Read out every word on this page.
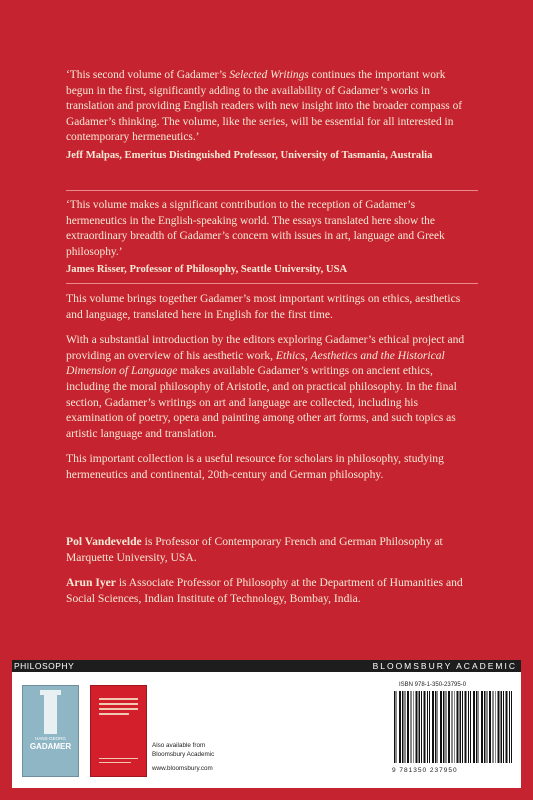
‘This second volume of Gadamer’s Selected Writings continues the important work begun in the first, significantly adding to the availability of Gadamer’s works in translation and providing English readers with new insight into the broader compass of Gadamer’s thinking. The volume, like the series, will be essential for all interested in contemporary hermeneutics.’

Jeff Malpas, Emeritus Distinguished Professor, University of Tasmania, Australia

‘This volume makes a significant contribution to the reception of Gadamer’s hermeneutics in the English-speaking world. The essays translated here show the extraordinary breadth of Gadamer’s concern with issues in art, language and Greek philosophy.’

James Risser, Professor of Philosophy, Seattle University, USA

This volume brings together Gadamer’s most important writings on ethics, aesthetics and language, translated here in English for the first time.

With a substantial introduction by the editors exploring Gadamer’s ethical project and providing an overview of his aesthetic work, Ethics, Aesthetics and the Historical Dimension of Language makes available Gadamer’s writings on ancient ethics, including the moral philosophy of Aristotle, and on practical philosophy. In the final section, Gadamer’s writings on art and language are collected, including his examination of poetry, opera and painting among other art forms, and such topics as artistic language and translation.

This important collection is a useful resource for scholars in philosophy, studying hermeneutics and continental, 20th-century and German philosophy.

Pol Vandevelde is Professor of Contemporary French and German Philosophy at Marquette University, USA.

Arun Iyer is Associate Professor of Philosophy at the Department of Humanities and Social Sciences, Indian Institute of Technology, Bombay, India.

PHILOSOPHY	BLOOMSBURY ACADEMIC
HANS-GEORG
GADAMER	Also available from
Bloomsbury Academic
www.bloomsbury.com
ISBN 978-1-350-23795-0
9 781350 237950
